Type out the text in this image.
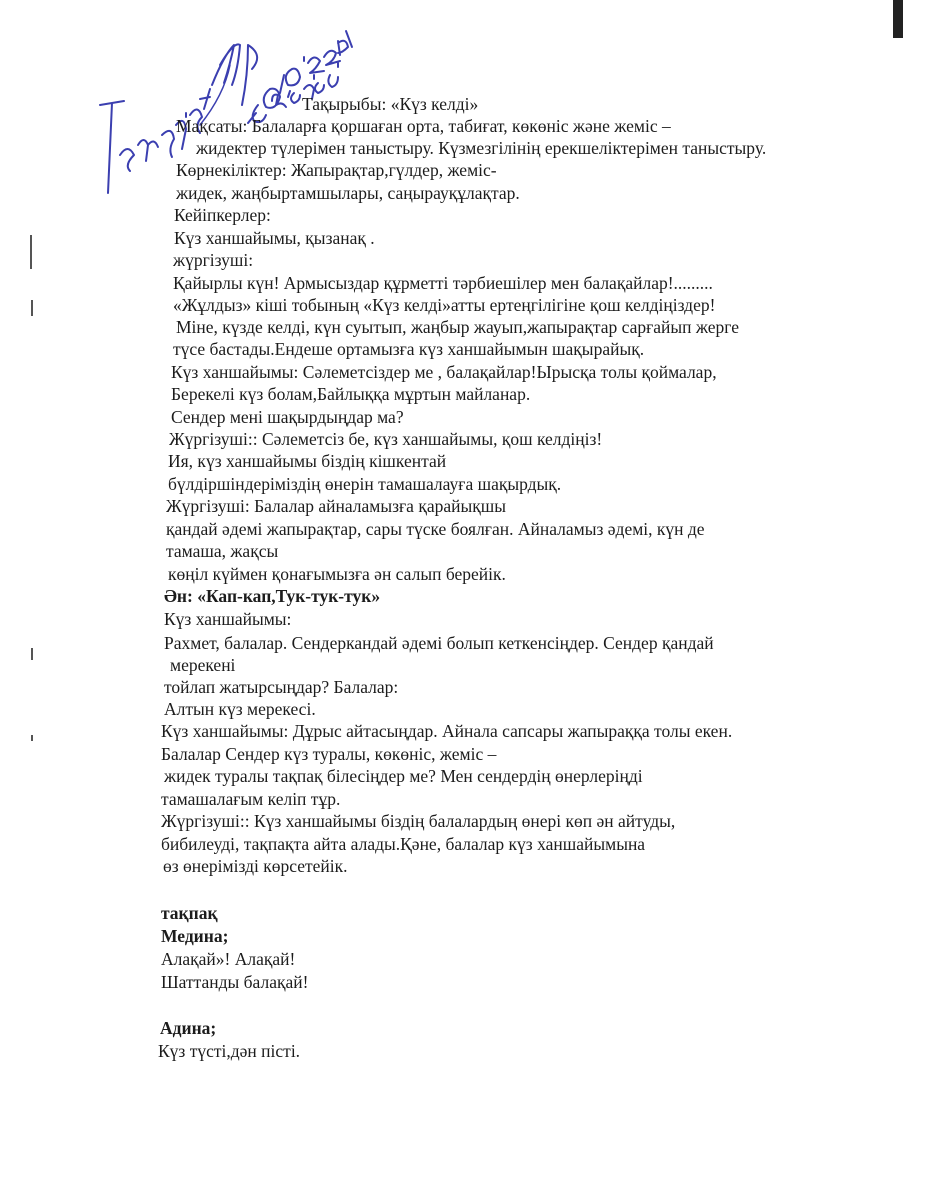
Тақырыбы: «Күз келді»
Мақсаты: Балаларға қоршаған орта, табиғат, көкөніс және жеміс –
жидектер түлерімен таныстыру. Күзмезгілінің ерекшеліктерімен таныстыру.
Көрнекіліктер: Жапырақтар,гүлдер, жеміс-
жидек, жаңбыртамшылары, саңырауқұлақтар.
Кейіпкерлер:
Күз ханшайымы, қызанақ .
жүргізуші:
Қайырлы күн! Армысыздар құрметті тәрбиешілер мен балақайлар!.........
«Жұлдыз» кіші тобының «Күз келді»атты ертеңгілігіне қош келдіңіздер!
Міне, күзде келді, күн суытып, жаңбыр жауып,жапырақтар сарғайып жерге
түсе бастады.Ендеше ортамызға күз ханшайымын шақырайық.
Күз ханшайымы: Сәлеметсіздер ме , балақайлар!Ырысқа толы қоймалар,
Берекелі күз болам,Байлыққа мұртын майланар.
Сендер мені шақырдыңдар ма?
Жүргізуші:: Сәлеметсіз бе, күз ханшайымы, қош келдіңіз!
Ия, күз ханшайымы біздің кішкентай
бүлдіршіндеріміздің өнерін тамашалауға шақырдық.
Жүргізуші: Балалар айналамызға қарайықшы
қандай әдемі жапырақтар, сары түске боялған. Айналамыз әдемі, күн де
тамаша, жақсы
көңіл күймен қонағымызға ән салып берейік.
Ән: «Кап-кап,Тук-тук-тук»
Күз ханшайымы:
Рахмет, балалар. Сендеркандай әдемі болып кеткенсіңдер. Сендер қандай
мерекені
тойлап жатырсыңдар? Балалар:
Алтын күз мерекесі.
Күз ханшайымы: Дұрыс айтасыңдар. Айнала сапсары жапыраққа толы екен.
Балалар Сендер күз туралы, көкөніс, жеміс –
жидек туралы тақпақ білесіңдер ме? Мен сендердің өнерлеріңді
тамашалағым келіп тұр.
Жүргізуші:: Күз ханшайымы біздің балалардың өнері көп ән айтуды,
бибилеуді, тақпақта айта алады.Қәне, балалар күз ханшайымына
өз өнерімізді көрсетейік.
тақпақ
Медина;
Алақай»! Алақай!
Шаттанды балақай!
Адина;
Күз түсті,дән пісті.
